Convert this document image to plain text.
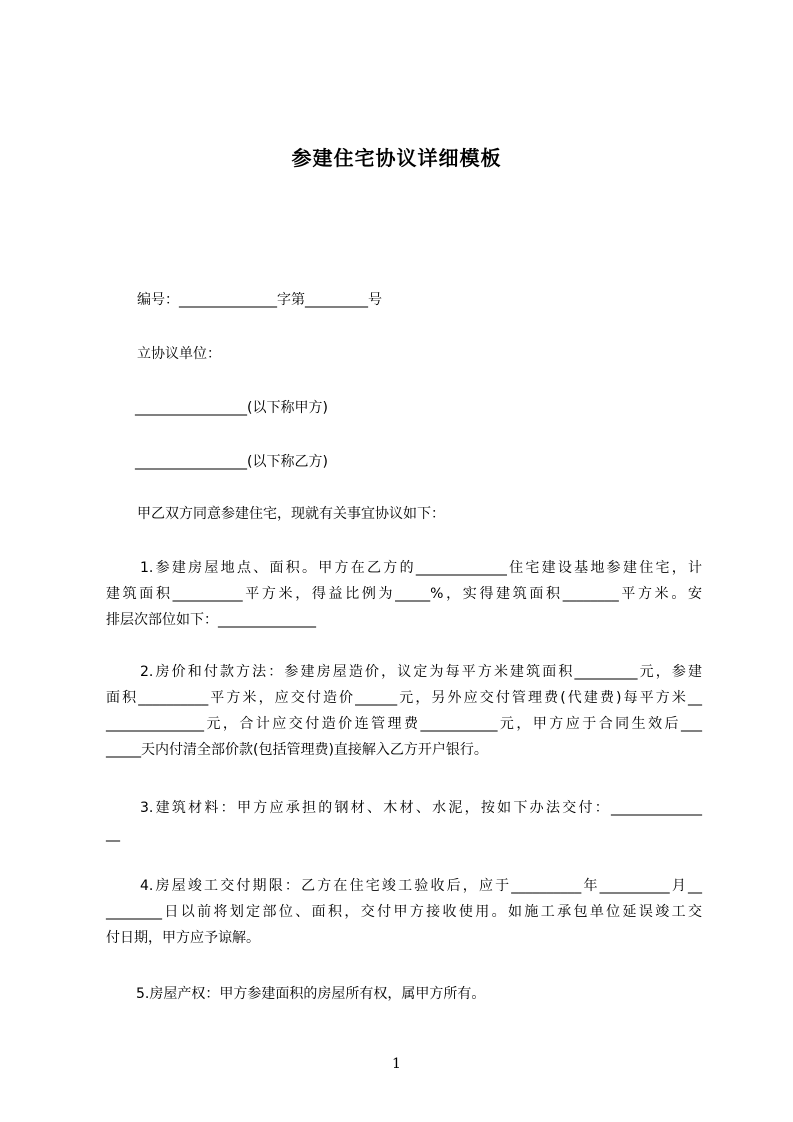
参建住宅协议详细模板

编号：______________字第_________号

立协议单位：

________________(以下称甲方)

________________(以下称乙方)

甲乙双方同意参建住宅，现就有关事宜协议如下：

1.参建房屋地点、面积。甲方在乙方的_____________住宅建设基地参建住宅，计
建筑面积__________平方米，得益比例为_____%，实得建筑面积________平方米。安
排层次部位如下：______________
2.房价和付款方法：参建房屋造价，议定为每平方米建筑面积_________元，参建
面积__________平方米，应交付造价______元，另外应交付管理费(代建费)每平方米__
______________元，合计应交付造价连管理费___________元，甲方应于合同生效后___
_____天内付清全部价款(包括管理费)直接解入乙方开户银行。
3.建筑材料：甲方应承担的钢材、木材、水泥，按如下办法交付：_____________
__
4.房屋竣工交付期限：乙方在住宅竣工验收后，应于__________年__________月__
________日以前将划定部位、面积，交付甲方接收使用。如施工承包单位延误竣工交
付日期，甲方应予谅解。
5.房屋产权：甲方参建面积的房屋所有权，属甲方所有。

1
